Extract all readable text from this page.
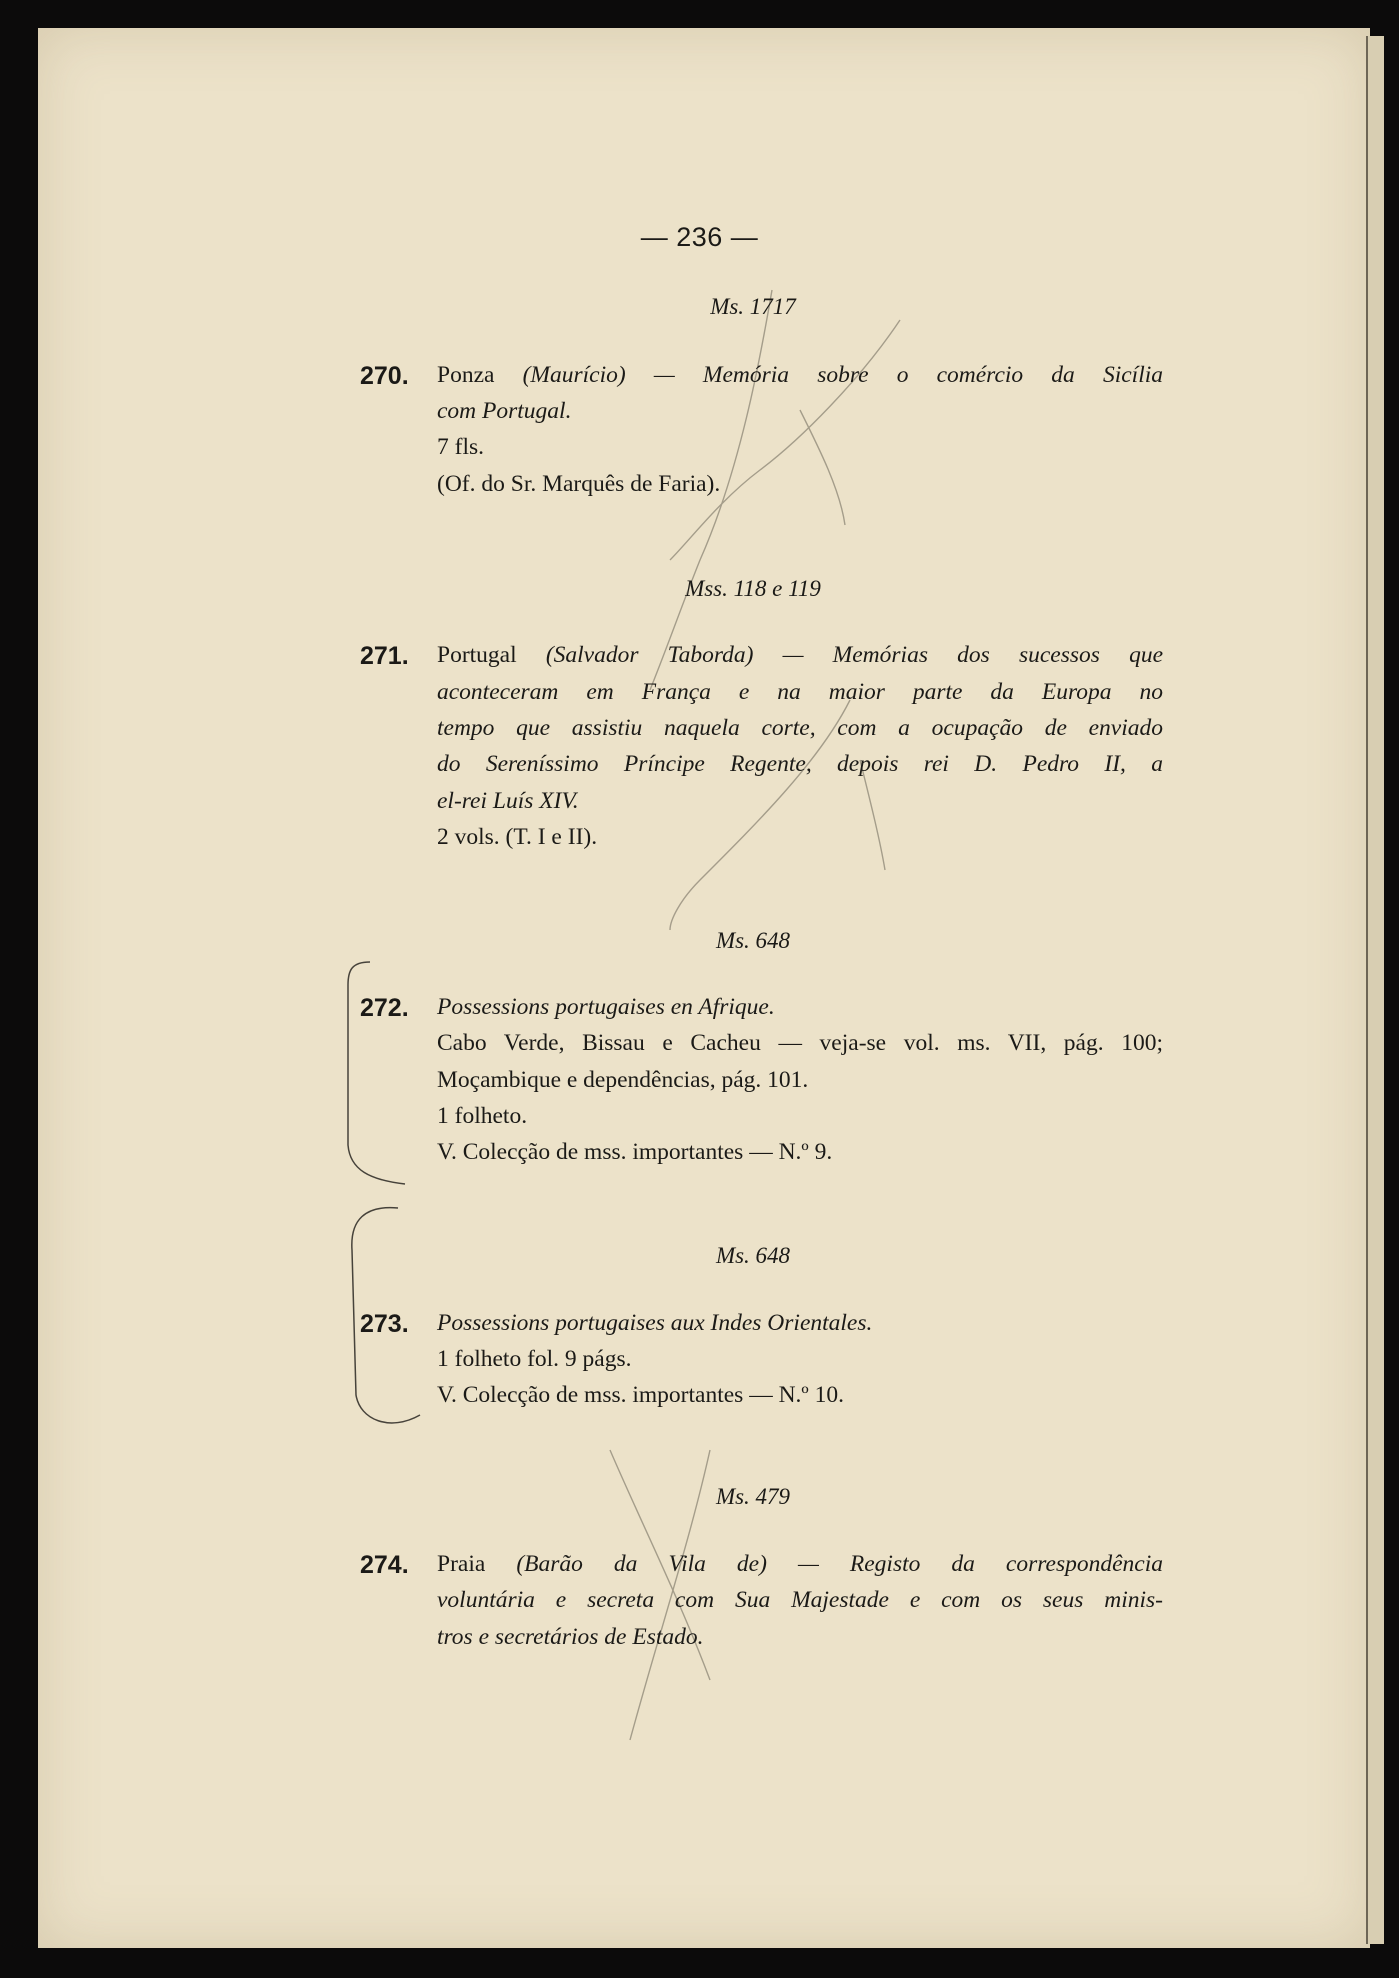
— 236 —
Ms. 1717
270.	Ponza (Maurício) — Memória sobre o comércio da Sicília
com Portugal.
7 fls.
(Of. do Sr. Marquês de Faria).
Mss. 118 e 119
271.	Portugal (Salvador Taborda) — Memórias dos sucessos que
aconteceram em França e na maior parte da Europa no
tempo que assistiu naquela corte, com a ocupação de enviado
do Sereníssimo Príncipe Regente, depois rei D. Pedro II, a
el-rei Luís XIV.
2 vols. (T. I e II).
Ms. 648
272.	Possessions portugaises en Afrique.
Cabo Verde, Bissau e Cacheu — veja-se vol. ms. VII, pág. 100;
Moçambique e dependências, pág. 101.
1 folheto.
V. Colecção de mss. importantes — N.º 9.
Ms. 648
273.	Possessions portugaises aux Indes Orientales.
1 folheto fol. 9 págs.
V. Colecção de mss. importantes — N.º 10.
Ms. 479
274.	Praia (Barão da Vila de) — Registo da correspondência
voluntária e secreta com Sua Majestade e com os seus minis-
tros e secretários de Estado.
